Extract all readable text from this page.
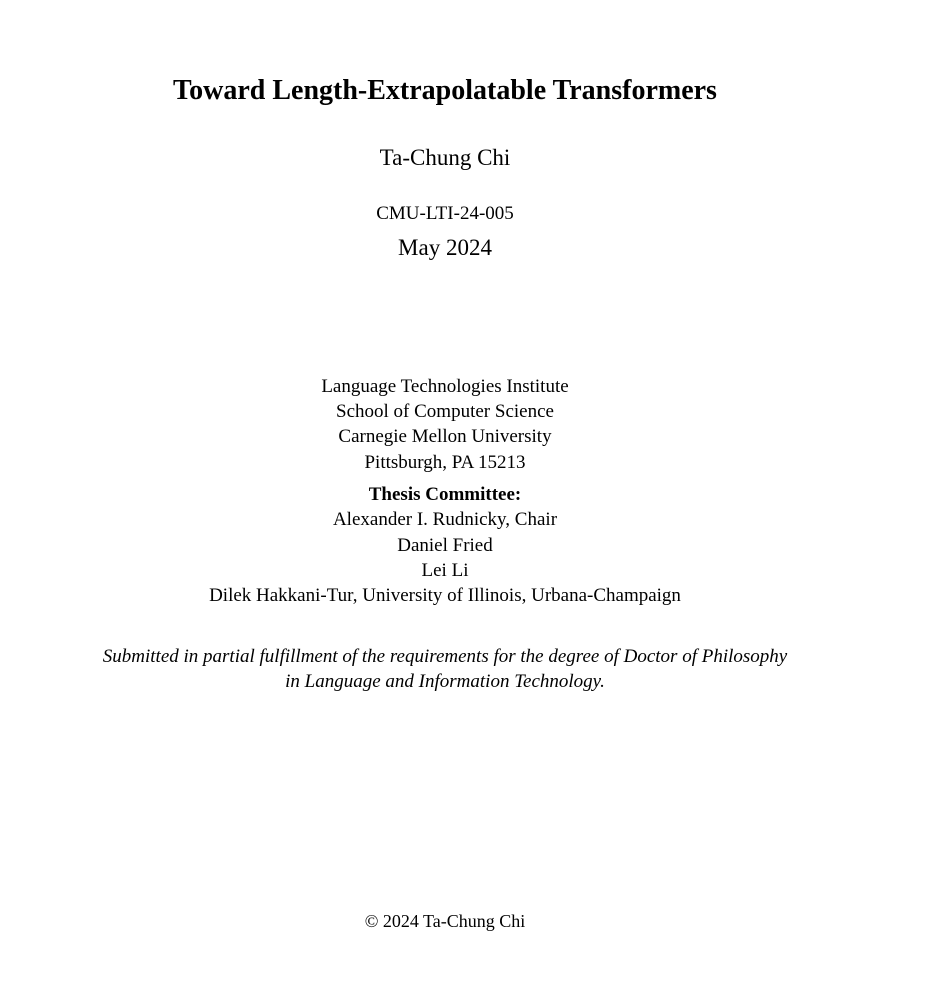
Toward Length-Extrapolatable Transformers
Ta-Chung Chi
CMU-LTI-24-005
May 2024
Language Technologies Institute
School of Computer Science
Carnegie Mellon University
Pittsburgh, PA 15213
Thesis Committee:
Alexander I. Rudnicky, Chair
Daniel Fried
Lei Li
Dilek Hakkani-Tur, University of Illinois, Urbana-Champaign
Submitted in partial fulfillment of the requirements for the degree of Doctor of Philosophy
in Language and Information Technology.
© 2024 Ta-Chung Chi
